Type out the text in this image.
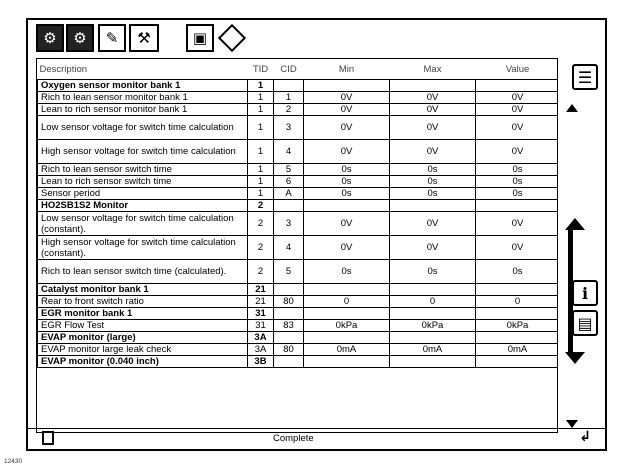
⚙	⚙	✎	⚒	▣
Description	TID	CID	Min	Max	Value
Oxygen sensor monitor bank 1	1				
Rich to lean sensor monitor bank 1	1	1	0V	0V	0V
Lean to rich sensor monitor bank 1	1	2	0V	0V	0V
Low sensor voltage for switch time calculation	1	3	0V	0V	0V
High sensor voltage for switch time calculation	1	4	0V	0V	0V
Rich to lean sensor switch time	1	5	0s	0s	0s
Lean to rich sensor switch time	1	6	0s	0s	0s
Sensor period	1	A	0s	0s	0s
HO2SB1S2 Monitor	2				
Low sensor voltage for switch time calculation (constant).	2	3	0V	0V	0V
High sensor voltage for switch time calculation (constant).	2	4	0V	0V	0V
Rich to lean sensor switch time (calculated).	2	5	0s	0s	0s
Catalyst monitor bank 1	21				
Rear to front switch ratio	21	80	0	0	0
EGR monitor bank 1	31				
EGR Flow Test	31	83	0kPa	0kPa	0kPa
EVAP monitor (large)	3A				
EVAP monitor large leak check	3A	80	0mA	0mA	0mA
EVAP monitor (0.040 inch)	3B				
☰
i
▤
Complete	↲
12430
